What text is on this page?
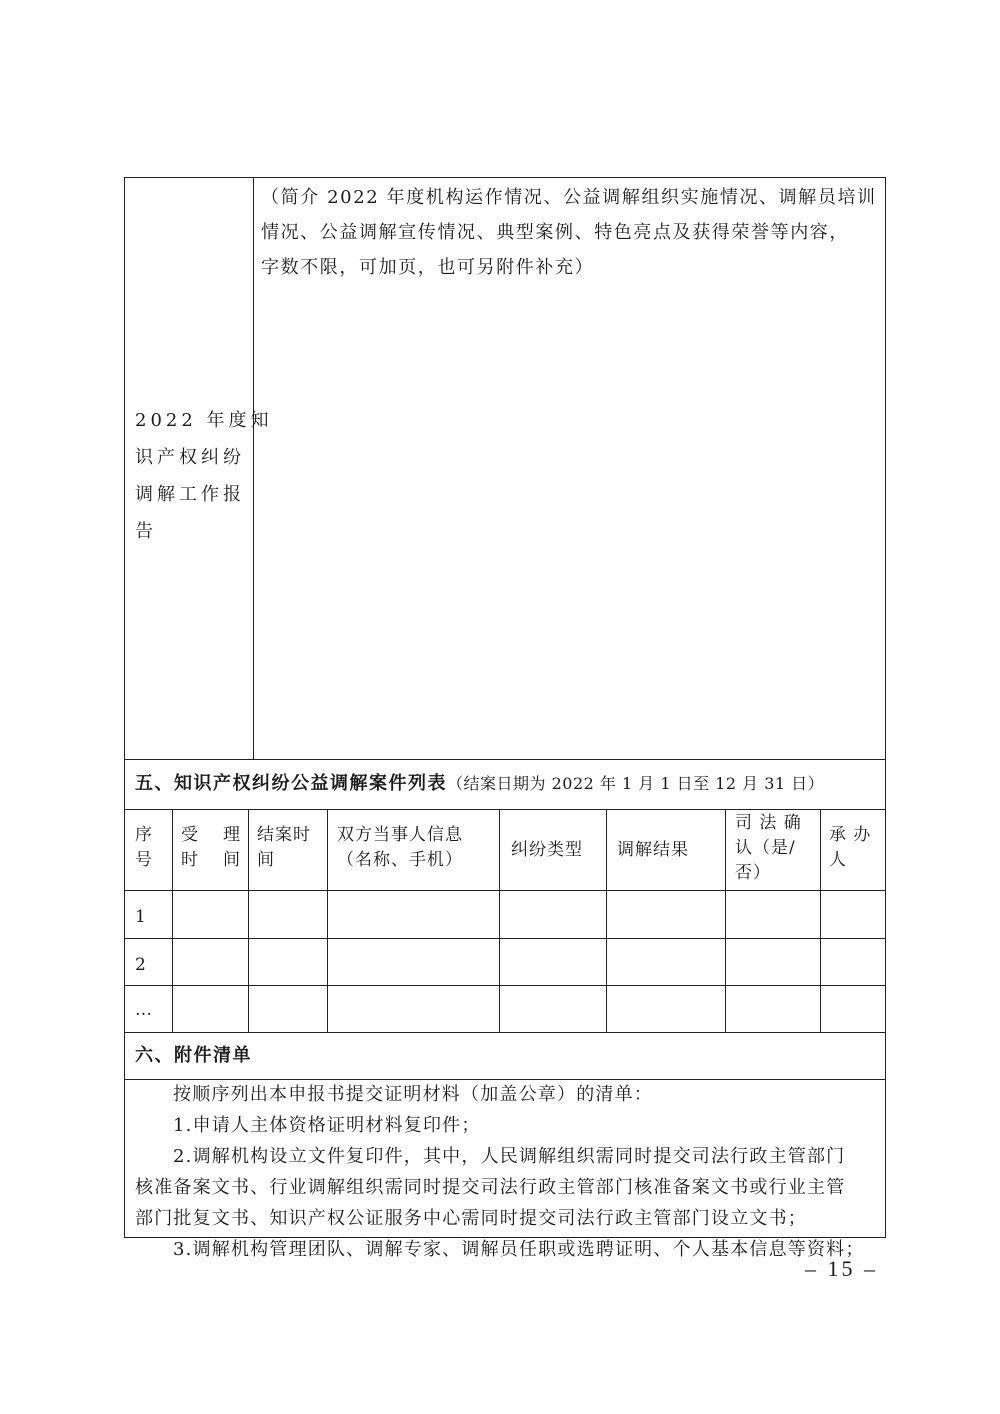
2022 年度知
识产权纠纷
调解工作报
告
（简介 2022 年度机构运作情况、公益调解组织实施情况、调解员培训
情况、公益调解宣传情况、典型案例、特色亮点及获得荣誉等内容，
字数不限，可加页，也可另附件补充）
五、知识产权纠纷公益调解案件列表（结案日期为 2022 年 1 月 1 日至 12 月 31 日）
序
号
受　理
时　间
结案时
间
双方当事人信息
（名称、手机）	纠纷类型 调解结果
司 法 确
认（是/
否）
承 办
人
1
2
…
六、附件清单
按顺序列出本申报书提交证明材料（加盖公章）的清单：
1.申请人主体资格证明材料复印件；
2.调解机构设立文件复印件，其中，人民调解组织需同时提交司法行政主管部门
核准备案文书、行业调解组织需同时提交司法行政主管部门核准备案文书或行业主管
部门批复文书、知识产权公证服务中心需同时提交司法行政主管部门设立文书；
3.调解机构管理团队、调解专家、调解员任职或选聘证明、个人基本信息等资料；
– 15 –
